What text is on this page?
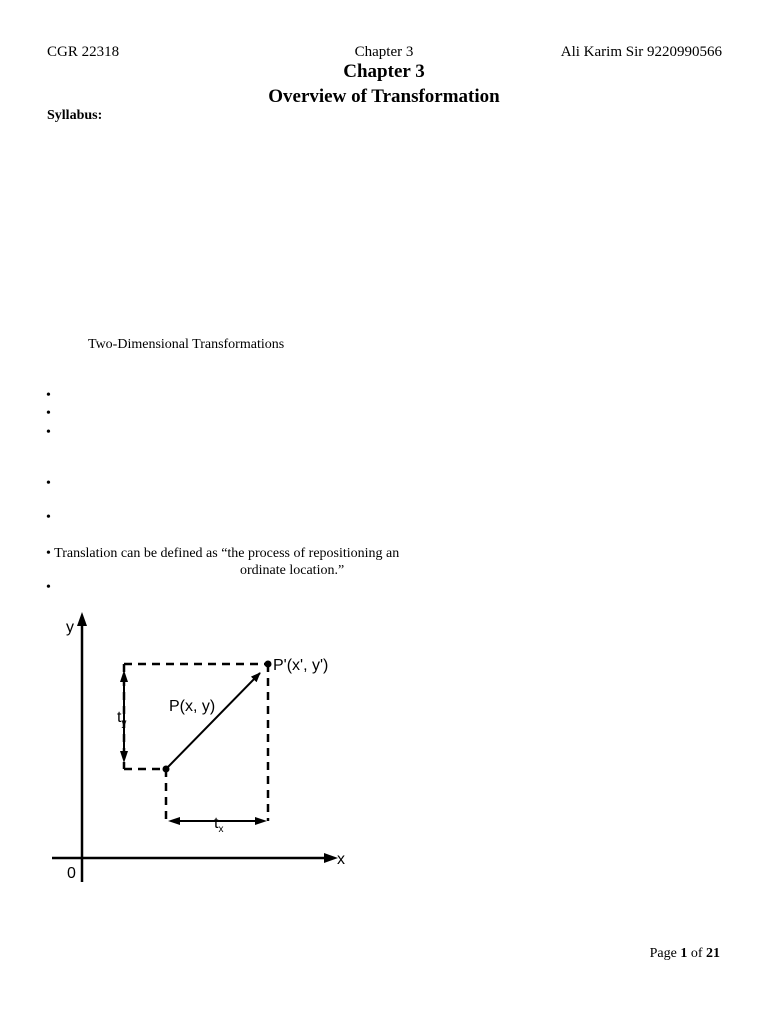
CGR 22318	Chapter 3	Ali Karim Sir 9220990566
Chapter 3
Overview of Transformation
Syllabus:
Two-Dimensional Transformations
•
•
•
•
•
• Translation can be defined as “the process of repositioning an
ordinate location.”
•
y
x
0
P(x, y)
P'(x', y')
$t_y$
$t_x$
Page 1 of 21
